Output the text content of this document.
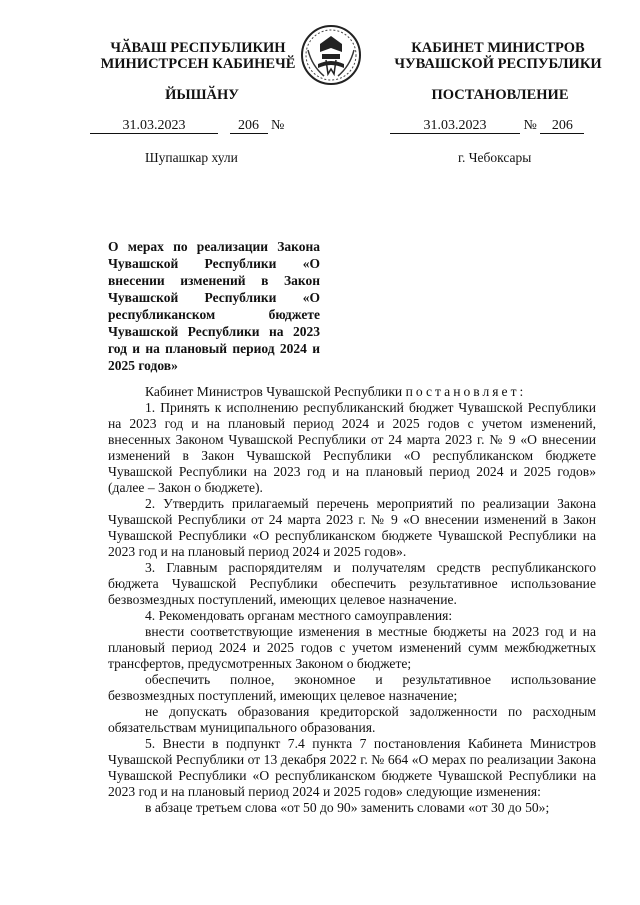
ЧӐВАШ РЕСПУБЛИКИН
МИНИСТРСЕН КАБИНЕЧӖ
КАБИНЕТ МИНИСТРОВ
ЧУВАШСКОЙ РЕСПУБЛИКИ
ЙЫШӐНУ	ПОСТАНОВЛЕНИЕ
31.03.2023	206 №	31.03.2023	№ 206
Шупашкар хули	г. Чебоксары
О мерах по реализации Закона Чувашской Республики «О внесении изменений в Закон Чувашской Республики «О республиканском бюджете Чувашской Республики на 2023 год и на плановый период 2024 и 2025 годов»

Кабинет Министров Чувашской Республики постановляет:

1. Принять к исполнению республиканский бюджет Чувашской Республики на 2023 год и на плановый период 2024 и 2025 годов с учетом изменений, внесенных Законом Чувашской Республики от 24 марта 2023 г. № 9 «О внесении изменений в Закон Чувашской Республики «О республиканском бюджете Чувашской Республики на 2023 год и на плановый период 2024 и 2025 годов» (далее – Закон о бюджете).

2. Утвердить прилагаемый перечень мероприятий по реализации Закона Чувашской Республики от 24 марта 2023 г. № 9 «О внесении изменений в Закон Чувашской Республики «О республиканском бюджете Чувашской Республики на 2023 год и на плановый период 2024 и 2025 годов».

3. Главным распорядителям и получателям средств республиканского бюджета Чувашской Республики обеспечить результативное использование безвозмездных поступлений, имеющих целевое назначение.

4. Рекомендовать органам местного самоуправления:

внести соответствующие изменения в местные бюджеты на 2023 год и на плановый период 2024 и 2025 годов с учетом изменений сумм межбюджетных трансфертов, предусмотренных Законом о бюджете;

обеспечить полное, экономное и результативное использование безвозмездных поступлений, имеющих целевое назначение;

не допускать образования кредиторской задолженности по расходным обязательствам муниципального образования.

5. Внести в подпункт 7.4 пункта 7 постановления Кабинета Министров Чувашской Республики от 13 декабря 2022 г. № 664 «О мерах по реализации Закона Чувашской Республики «О республиканском бюджете Чувашской Республики на 2023 год и на плановый период 2024 и 2025 годов» следующие изменения:

в абзаце третьем слова «от 50 до 90» заменить словами «от 30 до 50»;
